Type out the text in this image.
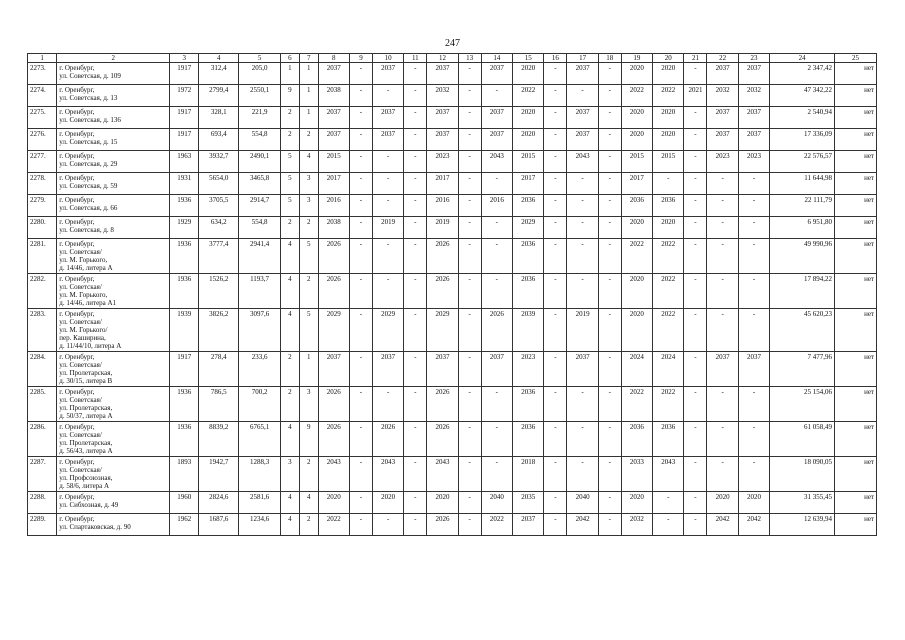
247
1	2	3	4	5	6	7	8	9	10	11	12	13	14	15	16	17	18	19	20	21	22	23	24	25
2273.	г. Оренбург,
ул. Советская, д. 109	1917	312,4	205,0	1	1	2037	-	2037	-	2037	-	2037	2020	-	2037	-	2020	2020	-	2037	2037	2 347,42	нет
2274.	г. Оренбург,
ул. Советская, д. 13	1972	2799,4	2550,1	9	1	2038	-	-	-	2032	-	-	2022	-	-	-	2022	2022	2021	2032	2032	47 342,22	нет
2275.	г. Оренбург,
ул. Советская, д. 136	1917	328,1	221,9	2	1	2037	-	2037	-	2037	-	2037	2020	-	2037	-	2020	2020	-	2037	2037	2 540,94	нет
2276.	г. Оренбург,
ул. Советская, д. 15	1917	693,4	554,8	2	2	2037	-	2037	-	2037	-	2037	2020	-	2037	-	2020	2020	-	2037	2037	17 336,09	нет
2277.	г. Оренбург,
ул. Советская, д. 29	1963	3932,7	2490,1	5	4	2015	-	-	-	2023	-	2043	2015	-	2043	-	2015	2015	-	2023	2023	22 576,57	нет
2278.	г. Оренбург,
ул. Советская, д. 59	1931	5654,0	3465,8	5	3	2017	-	-	-	2017	-	-	2017	-	-	-	2017	-	-	-	-	11 644,98	нет
2279.	г. Оренбург,
ул. Советская, д. 66	1936	3705,5	2914,7	5	3	2016	-	-	-	2016	-	2016	2036	-	-	-	2036	2036	-	-	-	22 111,79	нет
2280.	г. Оренбург,
ул. Советская, д. 8	1929	634,2	554,8	2	2	2038	-	2019	-	2019	-	-	2029	-	-	-	2020	2020	-	-	-	6 951,80	нет
2281.	г. Оренбург,
ул. Советская/
ул. М. Горького,
д. 14/46, литера А	1936	3777,4	2941,4	4	5	2026	-	-	-	2026	-	-	2036	-	-	-	2022	2022	-	-	-	49 990,96	нет
2282.	г. Оренбург,
ул. Советская/
ул. М. Горького,
д. 14/46, литера А1	1936	1526,2	1193,7	4	2	2026	-	-	-	2026	-	-	2036	-	-	-	2020	2022	-	-	-	17 894,22	нет
2283.	г. Оренбург,
ул. Советская/
ул. М. Горького/
пер. Каширина,
д. 11/44/10, литера А	1939	3826,2	3097,6	4	5	2029	-	2029	-	2029	-	2026	2039	-	2019	-	2020	2022	-	-	-	45 620,23	нет
2284.	г. Оренбург,
ул. Советская/
ул. Пролетарская,
д. 30/15, литера В	1917	278,4	233,6	2	1	2037	-	2037	-	2037	-	2037	2023	-	2037	-	2024	2024	-	2037	2037	7 477,96	нет
2285.	г. Оренбург,
ул. Советская/
ул. Пролетарская,
д. 50/37, литера А	1936	786,5	700,2	2	3	2026	-	-	-	2026	-	-	2036	-	-	-	2022	2022	-	-	-	25 154,06	нет
2286.	г. Оренбург,
ул. Советская/
ул. Пролетарская,
д. 56/43, литера А	1936	8839,2	6765,1	4	9	2026	-	2026	-	2026	-	-	2036	-	-	-	2036	2036	-	-	-	61 058,49	нет
2287.	г. Оренбург,
ул. Советская/
ул. Профсоюзная,
д. 58/6, литера А	1893	1942,7	1288,3	3	2	2043	-	2043	-	2043	-	-	2018	-	-	-	2033	2043	-	-	-	18 090,05	нет
2288.	г. Оренбург,
ул. Сибхозная, д. 49	1960	2824,6	2581,6	4	4	2020	-	2020	-	2020	-	2040	2035	-	2040	-	2020	-	-	2020	2020	31 355,45	нет
2289.	г. Оренбург,
ул. Спартаковская, д. 90	1962	1687,6	1234,6	4	2	2022	-	-	-	2026	-	2022	2037	-	2042	-	2032	-	-	2042	2042	12 639,94	нет
